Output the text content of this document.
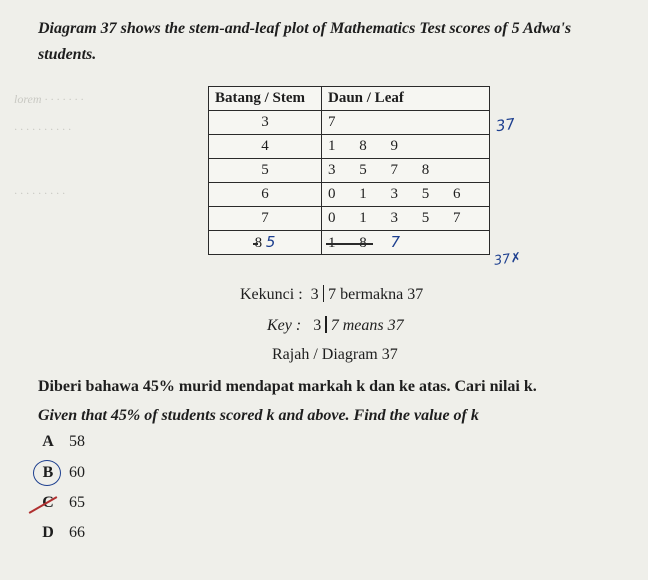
lorem · · · · · · ·
· · · · · · · · · ·
· · · · · · · · ·
Diagram 37 shows the stem-and-leaf plot of Mathematics Test scores of 5 Adwa's students.
Batang / Stem	Daun / Leaf
3	7
4	1 8 9
5	3 5 7 8
6	0 1 3 5 6
7	0 1 3 5 7
8 5	1 8 7
37
37✗
Kekunci : 3 7 bermakna 37
Key : 3 7 means 37
Rajah / Diagram 37
Diberi bahawa 45% murid mendapat markah k dan ke atas. Cari nilai k.
Given that 45% of students scored k and above. Find the value of k
A 58
B 60
C 65
D 66
